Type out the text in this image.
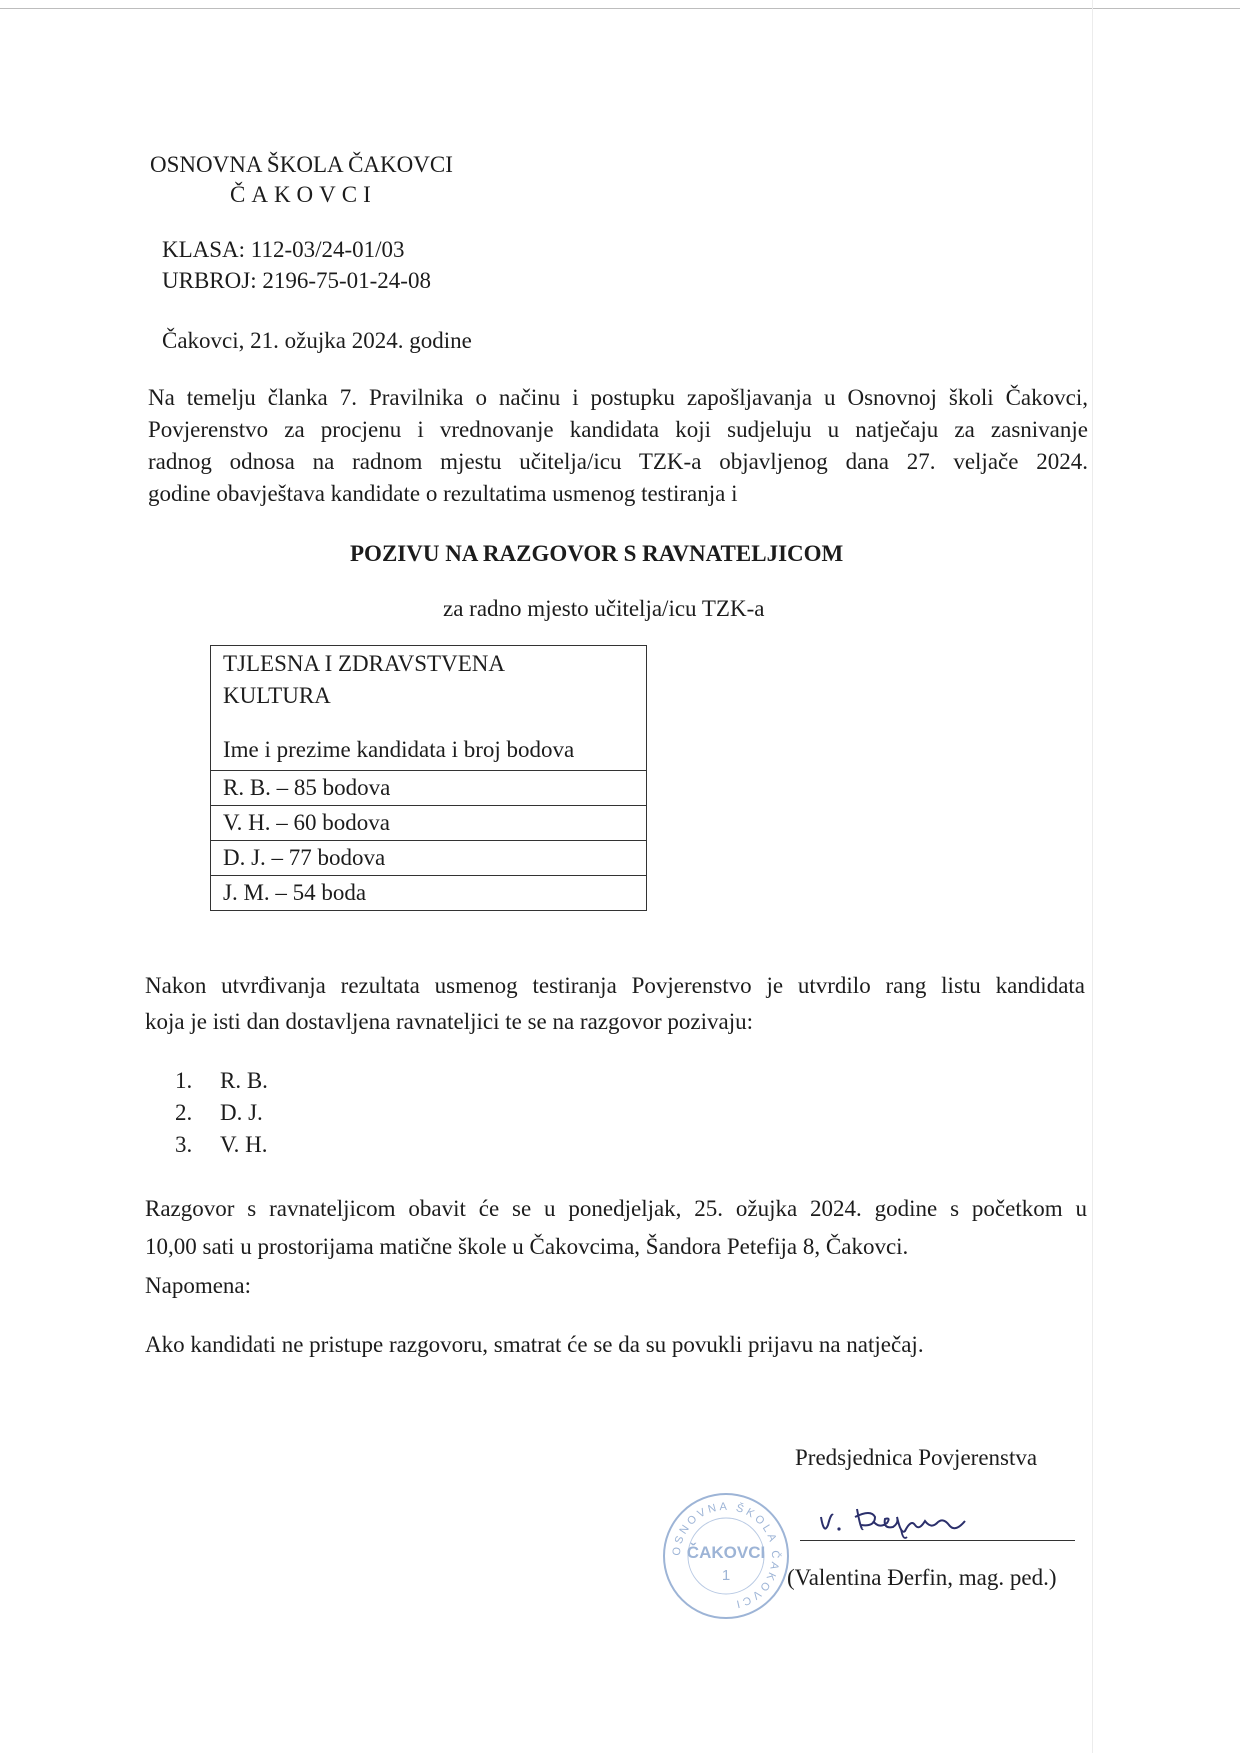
OSNOVNA ŠKOLA ČAKOVCI
ČAKOVCI
KLASA: 112-03/24-01/03
URBROJ: 2196-75-01-24-08
Čakovci, 21. ožujka 2024. godine
Na temelju članka 7. Pravilnika o načinu i postupku zapošljavanja u Osnovnoj školi Čakovci,
Povjerenstvo za procjenu i vrednovanje kandidata koji sudjeluju u natječaju za zasnivanje
radnog odnosa na radnom mjestu učitelja/icu TZK-a objavljenog dana 27. veljače 2024.
godine obavještava kandidate o rezultatima usmenog testiranja i
POZIVU NA RAZGOVOR S RAVNATELJICOM
za radno mjesto učitelja/icu TZK-a
TJLESNA I ZDRAVSTVENA
KULTURA
Ime i prezime kandidata i broj bodova

R. B. – 85 bodova
V. H. – 60 bodova
D. J. – 77 bodova
J. M. – 54 boda
Nakon utvrđivanja rezultata usmenog testiranja Povjerenstvo je utvrdilo rang listu kandidata
koja je isti dan dostavljena ravnateljici te se na razgovor pozivaju:
1.	R. B.
2.	D. J.
3.	V. H.
Razgovor s ravnateljicom obavit će se u ponedjeljak, 25. ožujka 2024. godine s početkom u
10,00 sati u prostorijama matične škole u Čakovcima, Šandora Petefija 8, Čakovci.
Napomena:
Ako kandidati ne pristupe razgovoru, smatrat će se da su povukli prijavu na natječaj.
Predsjednica Povjerenstva
OSNOVNA ŠKOLA ČAKOVCI
ČAKOVCI
1 (Valentina Đerfin, mag. ped.)
